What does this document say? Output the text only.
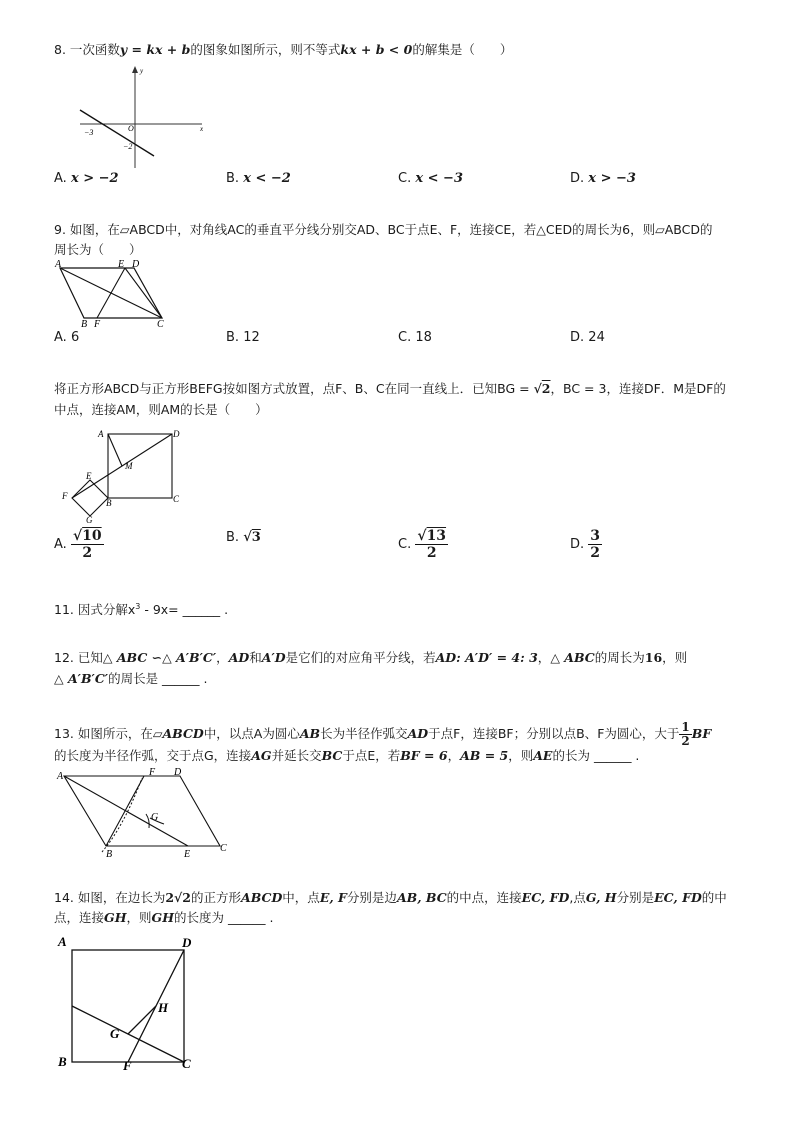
8. 一次函数y = kx + b的图象如图所示，则不等式kx + b < 0的解集是（　　）
x
y
O
−3
−2
A. x > −2	B. x < −2	C. x < −3	D. x > −3
9. 如图，在▱ABCD中，对角线AC的垂直平分线分别交AD、BC于点E、F，连接CE，若△CED的周长为6，则▱ABCD的
周长为（　　）
A	E D
B F	C
A. 6	B. 12	C. 18	D. 24
将正方形ABCD与正方形BEFG按如图方式放置，点F、B、C在同一直线上．已知BG = √2，BC = 3，连接DF．M是DF的
中点，连接AM，则AM的长是（　　）
A	D
M
E
F
B	C
G
A. $\frac{√10}{2}$	B. √3	C. $\frac{√13}{2}$	D. $\frac{3}{2}$
11. 因式分解$x^3 - 9x=$ ______ .
12. 已知△ ABC ∽△ A′B′C′，AD和A′D是它们的对应角平分线，若AD: A′D′ = 4: 3，△ ABC的周长为16，则
△ A′B′C′的周长是 ______ .
13. 如图所示，在▱ABCD中，以点A为圆心AB长为半径作弧交AD于点F，连接BF；分别以点B、F为圆心，大于 $\frac{1}{2}$ BF
的长度为半径作弧，交于点G，连接AG并延长交BC于点E，若BF = 6，AB = 5，则AE的长为 ______ .
A	F D
G
B	E
C
14. 如图，在边长为2√2的正方形ABCD中，点E, F分别是边AB, BC的中点，连接EC, FD,点G, H分别是EC, FD的中
点，连接GH，则GH的长度为 ______ .
A	D
H
G
B	F	C
